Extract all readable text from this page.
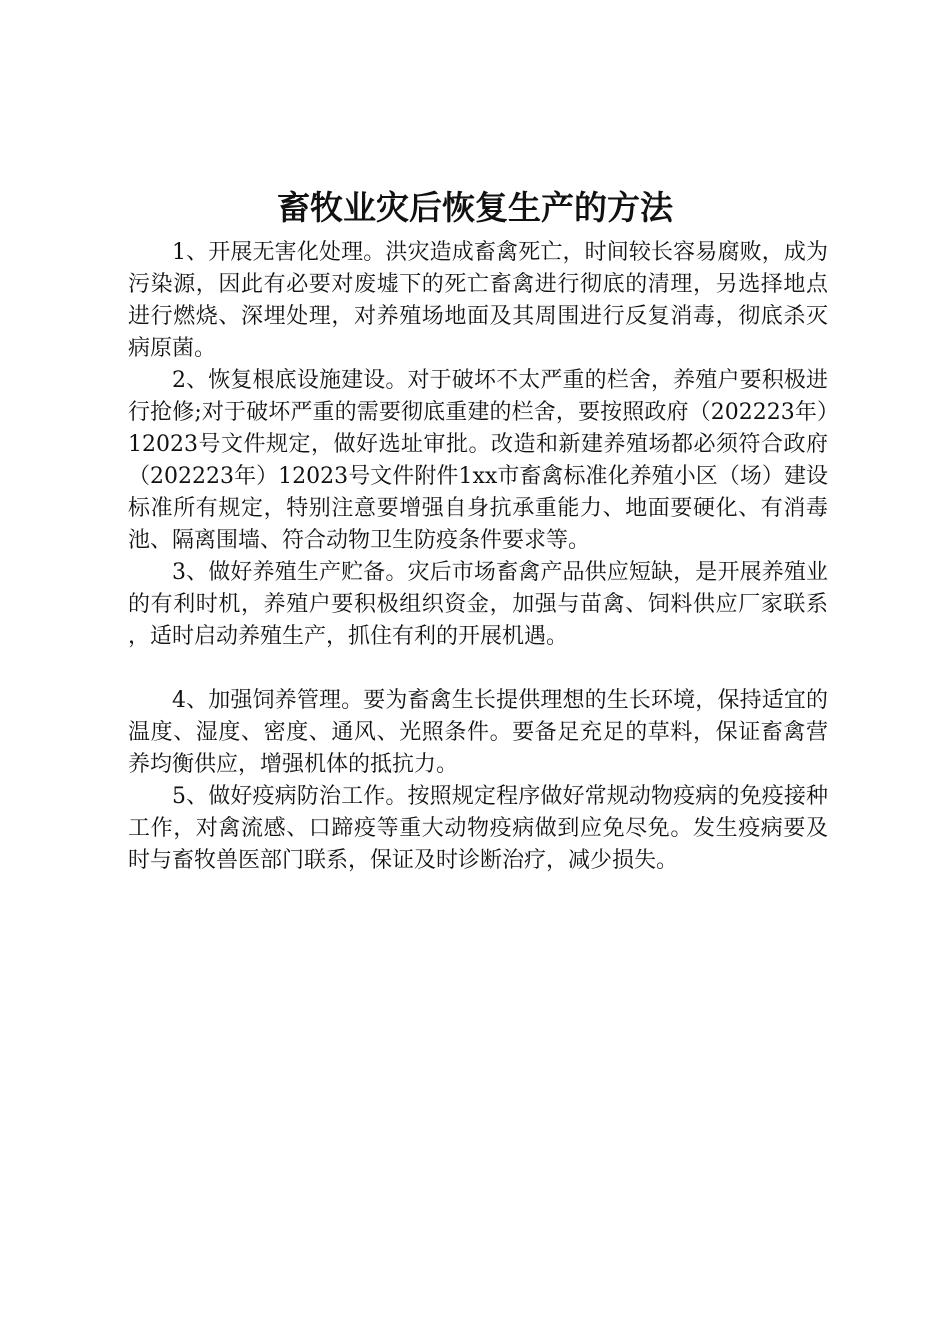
畜牧业灾后恢复生产的方法

1、开展无害化处理。洪灾造成畜禽死亡，时间较长容易腐败，成为污染源，因此有必要对废墟下的死亡畜禽进行彻底的清理，另选择地点进行燃烧、深埋处理，对养殖场地面及其周围进行反复消毒，彻底杀灭病原菌。

2、恢复根底设施建设。对于破坏不太严重的栏舍，养殖户要积极进行抢修;对于破坏严重的需要彻底重建的栏舍，要按照政府（202223年）12023号文件规定，做好选址审批。改造和新建养殖场都必须符合政府（202223年）12023号文件附件1xx市畜禽标准化养殖小区（场）建设标准所有规定，特别注意要增强自身抗承重能力、地面要硬化、有消毒池、隔离围墙、符合动物卫生防疫条件要求等。

3、做好养殖生产贮备。灾后市场畜禽产品供应短缺，是开展养殖业的有利时机，养殖户要积极组织资金，加强与苗禽、饲料供应厂家联系，适时启动养殖生产，抓住有利的开展机遇。

4、加强饲养管理。要为畜禽生长提供理想的生长环境，保持适宜的温度、湿度、密度、通风、光照条件。要备足充足的草料，保证畜禽营养均衡供应，增强机体的抵抗力。

5、做好疫病防治工作。按照规定程序做好常规动物疫病的免疫接种工作，对禽流感、口蹄疫等重大动物疫病做到应免尽免。发生疫病要及时与畜牧兽医部门联系，保证及时诊断治疗，减少损失。
